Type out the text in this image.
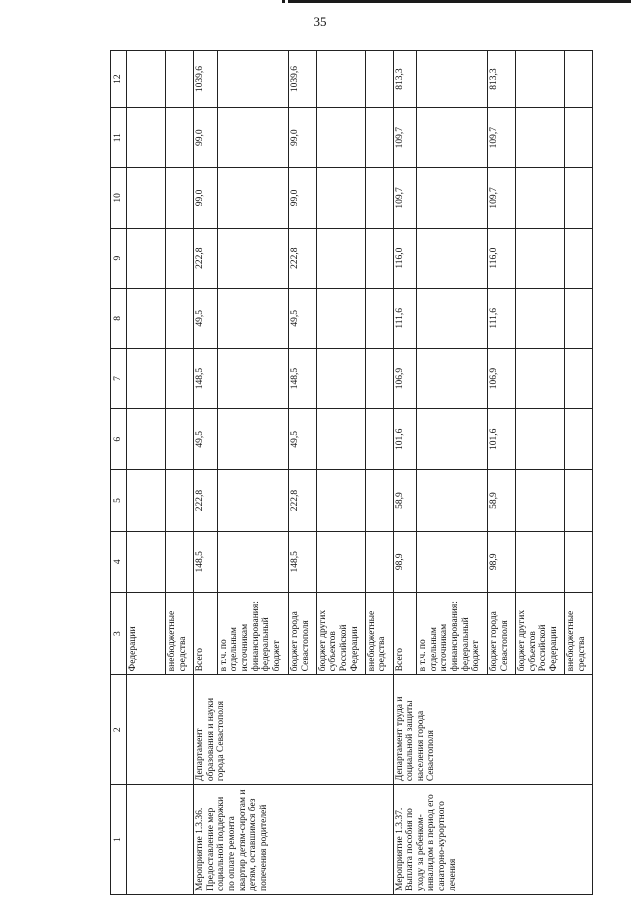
35
1	2	3	4	5	6	7	8	9	10	11	12
		Федерации									
		внебюджетные средства									
Мероприятие 1.3.36. Предоставление мер социальной поддержки по оплате ремонта квартир детям-сиротам и детям, оставшимся без попечения родителей	Департамент образования и науки города Севастополя	Всего	148,5	222,8	49,5	148,5	49,5	222,8	99,0	99,0	1039,6
		в т.ч. по отдельным источникам финансирования: федеральный бюджет									
		бюджет города Севастополя	148,5	222,8	49,5	148,5	49,5	222,8	99,0	99,0	1039,6
		бюджет других субъектов Российской Федерации									
		внебюджетные средства									
Мероприятие 1.3.37. Выплата пособия по уходу за ребенком-инвалидом в период его санаторно-курортного лечения	Департамент труда и социальной защиты населения города Севастополя	Всего	98,9	58,9	101,6	106,9	111,6	116,0	109,7	109,7	813,3
		в т.ч. по отдельным источникам финансирования: федеральный бюджет									
		бюджет города Севастополя	98,9	58,9	101,6	106,9	111,6	116,0	109,7	109,7	813,3
		бюджет других субъектов Российской Федерации									
		внебюджетные средства									
